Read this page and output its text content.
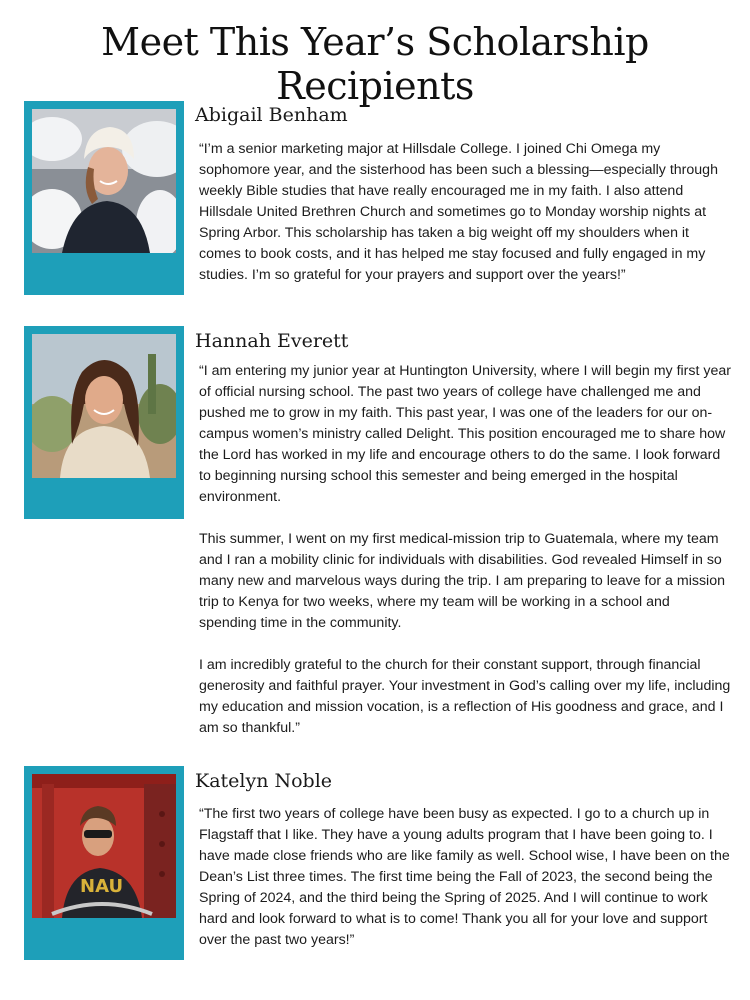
Meet This Year’s Scholarship Recipients
Abigail Benham

“I’m a senior marketing major at Hillsdale College. I joined Chi Omega my sophomore year, and the sisterhood has been such a blessing—especially through weekly Bible studies that have really encouraged me in my faith. I also attend Hillsdale United Brethren Church and sometimes go to Monday worship nights at Spring Arbor. This scholarship has taken a big weight off my shoulders when it comes to book costs, and it has helped me stay focused and fully engaged in my studies. I’m so grateful for your prayers and support over the years!”

Hannah Everett

“I am entering my junior year at Huntington University, where I will begin my first year of official nursing school. The past two years of college have challenged me and pushed me to grow in my faith. This past year, I was one of the leaders for our on-campus women’s ministry called Delight. This position encouraged me to share how the Lord has worked in my life and encourage others to do the same. I look forward to beginning nursing school this semester and being emerged in the hospital environment.

This summer, I went on my first medical-mission trip to Guatemala, where my team and I ran a mobility clinic for individuals with disabilities. God revealed Himself in so many new and marvelous ways during the trip. I am preparing to leave for a mission trip to Kenya for two weeks, where my team will be working in a school and spending time in the community.

I am incredibly grateful to the church for their constant support, through financial generosity and faithful prayer. Your investment in God’s calling over my life, including my education and mission vocation, is a reflection of His goodness and grace, and I am so thankful.”

NAU
Katelyn Noble

“The first two years of college have been busy as expected. I go to a church up in Flagstaff that I like. They have a young adults program that I have been going to. I have made close friends who are like family as well. School wise, I have been on the Dean’s List three times. The first time being the Fall of 2023, the second being the Spring of 2024, and the third being the Spring of 2025. And I will continue to work hard and look forward to what is to come! Thank you all for your love and support over the past two years!”
